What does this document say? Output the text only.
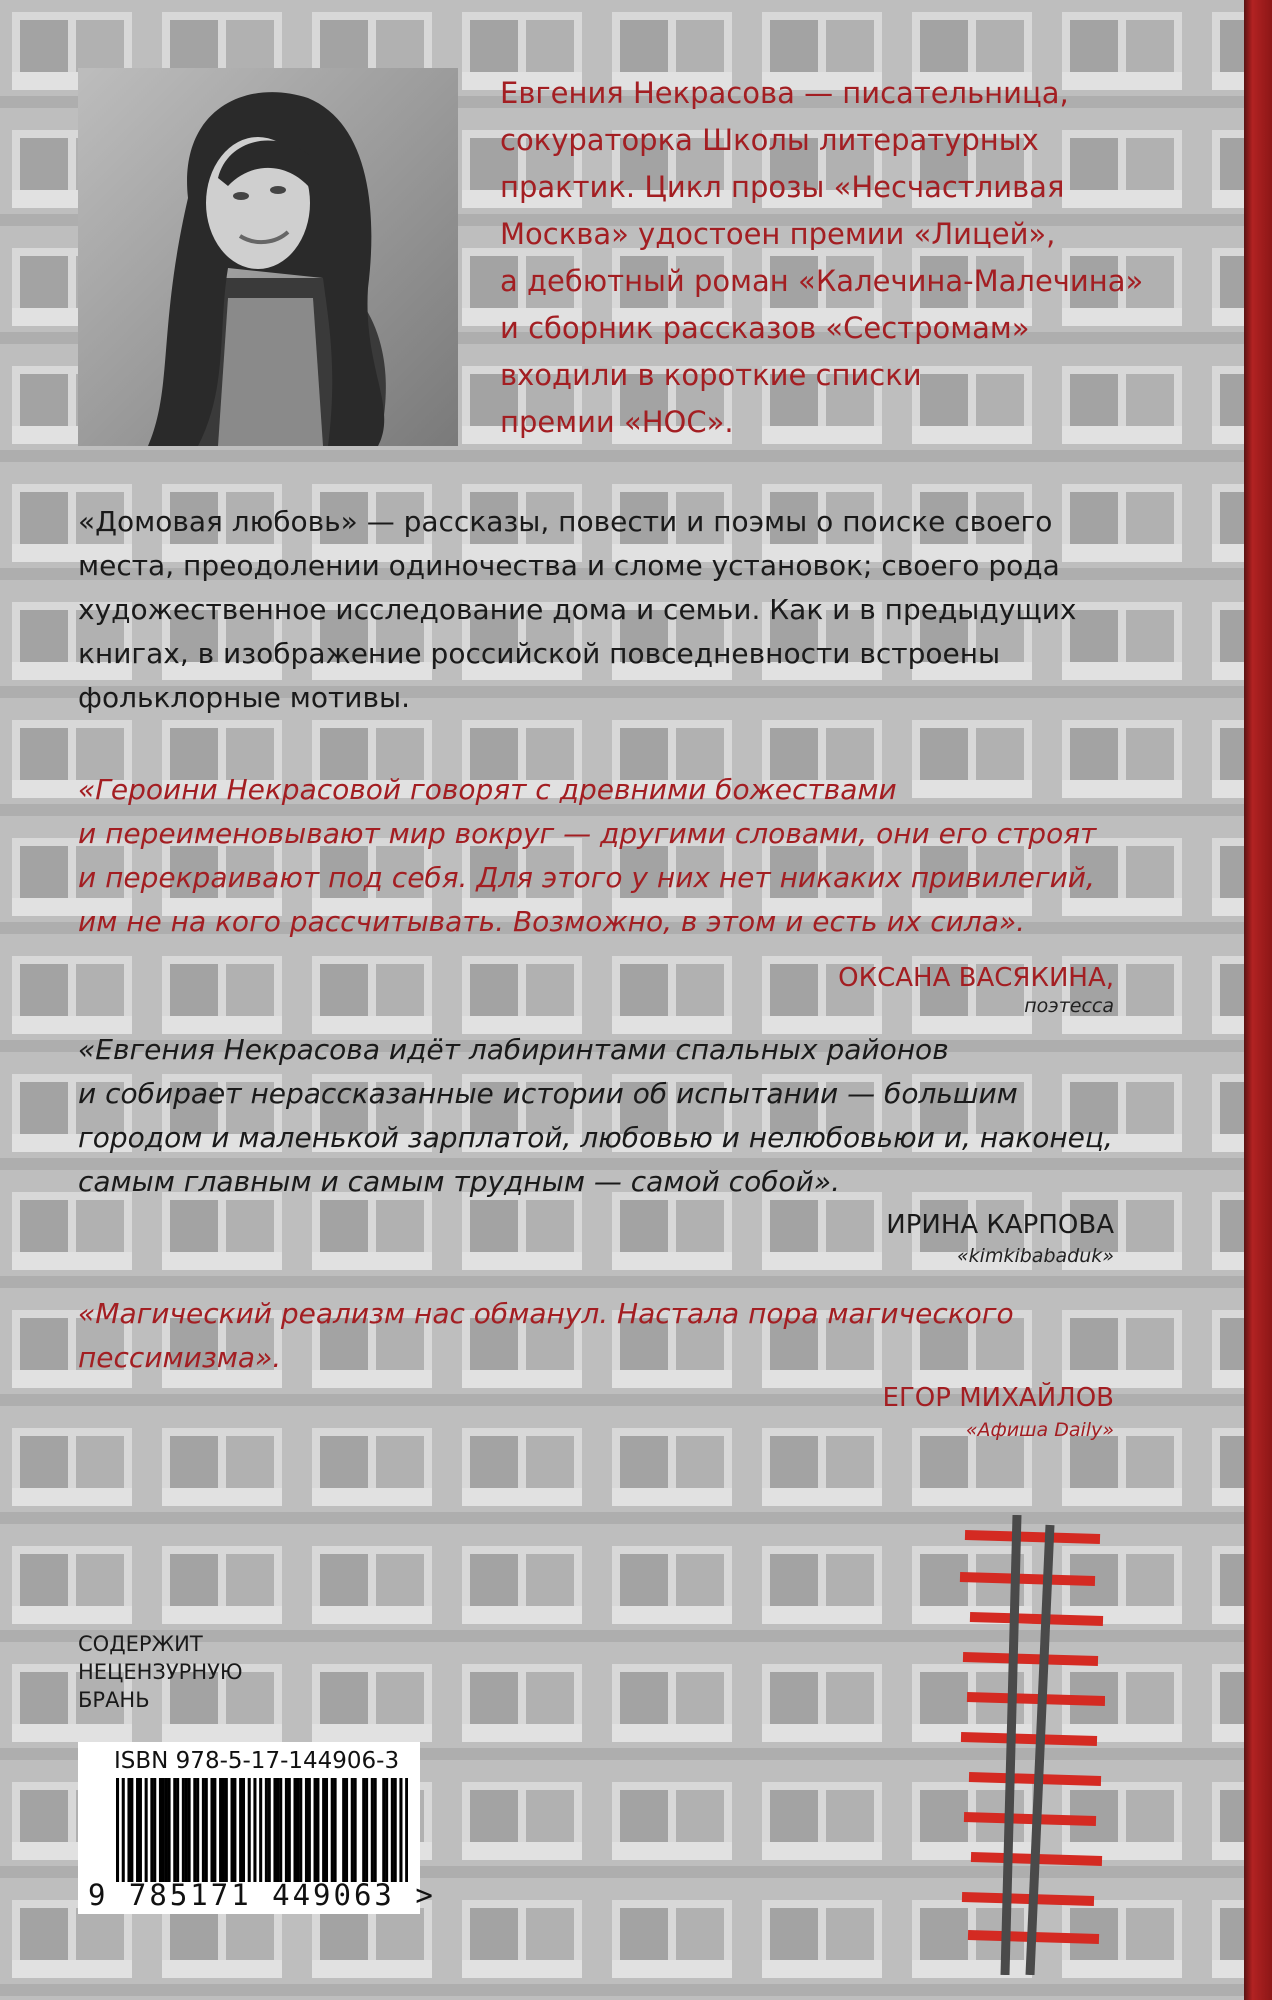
Евгения Некрасова — писательница,
сокураторка Школы литературных
практик. Цикл прозы «Несчастливая
Москва» удостоен премии «Лицей»,
а дебютный роман «Калечина-Малечина»
и сборник рассказов «Сестромам»
входили в короткие списки
премии «НОС».

«Домовая любовь» — рассказы, повести и поэмы о поиске своего
места, преодолении одиночества и сломе установок; своего рода
художественное исследование дома и семьи. Как и в предыдущих
книгах, в изображение российской повседневности встроены
фольклорные мотивы.
«Героини Некрасовой говорят с древними божествами
и переименовывают мир вокруг — другими словами, они его строят
и перекраивают под себя. Для этого у них нет никаких привилегий,
им не на кого рассчитывать. Возможно, в этом и есть их сила».
ОКСАНА ВАСЯКИНА,
поэтесса
«Евгения Некрасова идёт лабиринтами спальных районов
и собирает нерассказанные истории об испытании — большим
городом и маленькой зарплатой, любовью и нелюбовьюи и, наконец,
самым главным и самым трудным — самой собой».
ИРИНА КАРПОВА
«kimkibabaduk»
«Магический реализм нас обманул. Настала пора магического
пессимизма».
ЕГОР МИХАЙЛОВ
«Афиша Daily»
СОДЕРЖИТ
НЕЦЕНЗУРНУЮ
БРАНЬ
ISBN 978-5-17-144906-3
9 785171 449063 >
